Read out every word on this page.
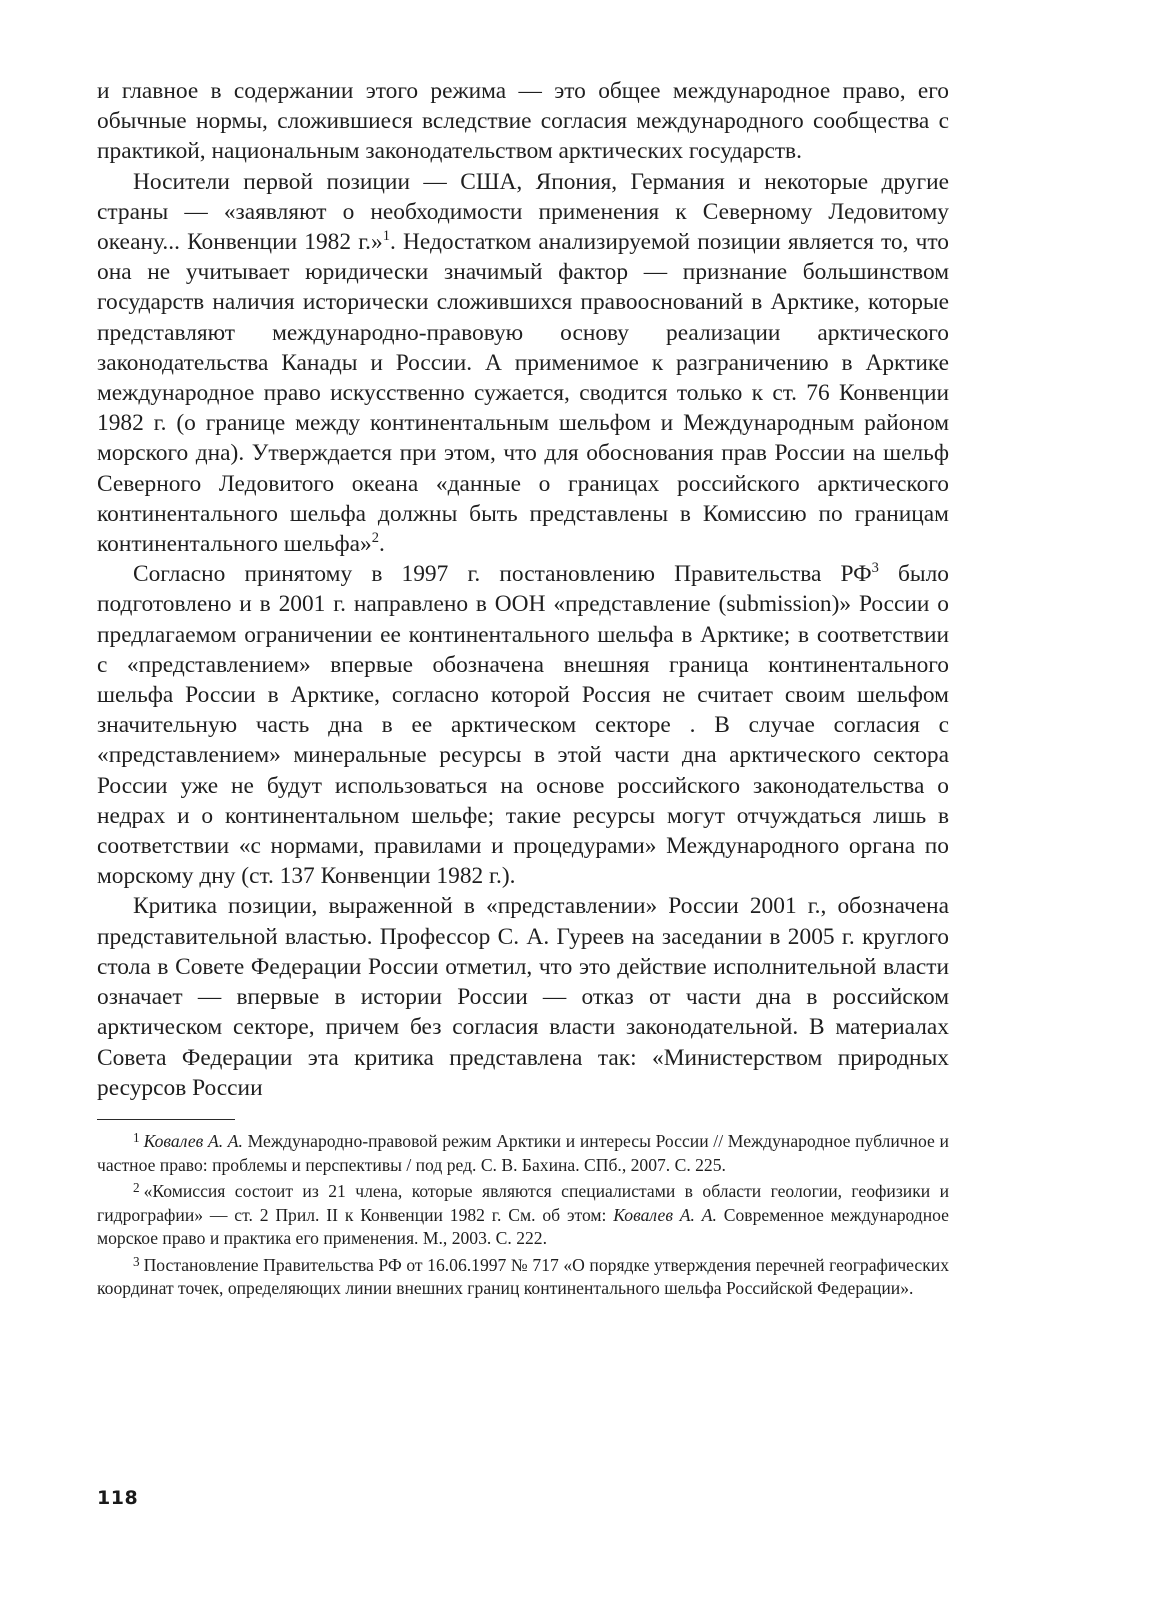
и главное в содержании этого режима — это общее международное право, его обычные нормы, сложившиеся вследствие согласия международного сообщества с практикой, национальным законодательством арктических государств.

Носители первой позиции — США, Япония, Германия и некоторые другие страны — «заявляют о необходимости применения к Северному Ледовитому океану... Конвенции 1982 г.»$^1$. Недостатком анализируемой позиции является то, что она не учитывает юридически значимый фактор — признание большинством государств наличия исторически сложившихся правооснований в Арктике, которые представляют международно-правовую основу реализации арктического законодательства Канады и России. А применимое к разграничению в Арктике международное право искусственно сужается, сводится только к ст. 76 Конвенции 1982 г. (о границе между континентальным шельфом и Международным районом морского дна). Утверждается при этом, что для обоснования прав России на шельф Северного Ледовитого океана «данные о границах российского арктического континентального шельфа должны быть представлены в Комиссию по границам континентального шельфа»$^2$.

Согласно принятому в 1997 г. постановлению Правительства $РФ^3$ было подготовлено и в 2001 г. направлено в ООН «представление (submission)» России о предлагаемом ограничении ее континентального шельфа в Арктике; в соответствии с «представлением» впервые обозначена внешняя граница континентального шельфа России в Арктике, согласно которой Россия не считает своим шельфом значительную часть дна в ее арктическом секторе . В случае согласия с «представлением» минеральные ресурсы в этой части дна арктического сектора России уже не будут использоваться на основе российского законодательства о недрах и о континентальном шельфе; такие ресурсы могут отчуждаться лишь в соответствии «с нормами, правилами и процедурами» Международного органа по морскому дну (ст. 137 Конвенции 1982 г.).

Критика позиции, выраженной в «представлении» России 2001 г., обозначена представительной властью. Профессор С. А. Гуреев на заседании в 2005 г. круглого стола в Совете Федерации России отметил, что это действие исполнительной власти означает — впервые в истории России — отказ от части дна в российском арктическом секторе, причем без согласия власти законодательной. В материалах Совета Федерации эта критика представлена так: «Министерством природных ресурсов России

$^1$ Ковалев А. А. Международно-правовой режим Арктики и интересы России // Международное публичное и частное право: проблемы и перспективы / под ред. С. В. Бахина. СПб., 2007. С. 225.

$^2$ «Комиссия состоит из 21 члена, которые являются специалистами в области геологии, геофизики и гидрографии» — ст. 2 Прил. II к Конвенции 1982 г. См. об этом: Ковалев А. А. Современное международное морское право и практика его применения. М., 2003. С. 222.

$^3$ Постановление Правительства РФ от 16.06.1997 № 717 «О порядке утверждения перечней географических координат точек, определяющих линии внешних границ континентального шельфа Российской Федерации».

118
